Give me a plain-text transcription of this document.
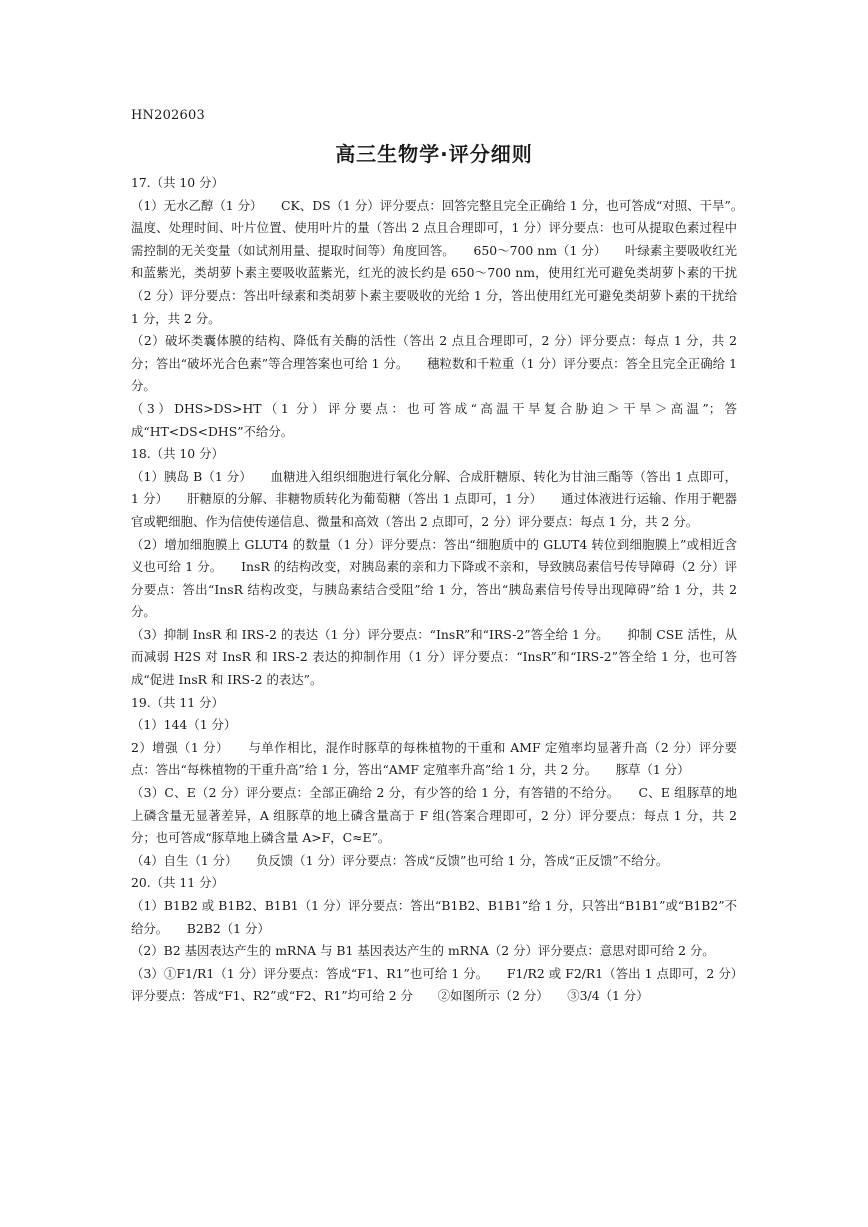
HN202603
高三生物学·评分细则

17.（共 10 分）

（1）无水乙醇（1 分）　　CK、DS（1 分）评分要点：回答完整且完全正确给 1 分，也可答成“对照、干旱”。　　温度、处理时间、叶片位置、使用叶片的量（答出 2 点且合理即可，1 分）评分要点：也可从提取色素过程中需控制的无关变量（如试剂用量、提取时间等）角度回答。　　650～700 nm（1 分）　　叶绿素主要吸收红光和蓝紫光，类胡萝卜素主要吸收蓝紫光，红光的波长约是 650～700 nm，使用红光可避免类胡萝卜素的干扰（2 分）评分要点：答出叶绿素和类胡萝卜素主要吸收的光给 1 分，答出使用红光可避免类胡萝卜素的干扰给 1 分，共 2 分。

（2）破坏类囊体膜的结构、降低有关酶的活性（答出 2 点且合理即可，2 分）评分要点：每点 1 分，共 2 分；答出“破坏光合色素”等合理答案也可给 1 分。　　穗粒数和千粒重（1 分）评分要点：答全且完全正确给 1 分。

（3）DHS>DS>HT（1 分）评分要点：也可答成“高温干旱复合胁迫＞干旱＞高温”；答成“HT<DS<DHS”不给分。

18.（共 10 分）

（1）胰岛 B（1 分）　　血糖进入组织细胞进行氧化分解、合成肝糖原、转化为甘油三酯等（答出 1 点即可，1 分）　　肝糖原的分解、非糖物质转化为葡萄糖（答出 1 点即可，1 分）　　通过体液进行运输、作用于靶器官或靶细胞、作为信使传递信息、微量和高效（答出 2 点即可，2 分）评分要点：每点 1 分，共 2 分。

（2）增加细胞膜上 GLUT4 的数量（1 分）评分要点：答出“细胞质中的 GLUT4 转位到细胞膜上”或相近含义也可给 1 分。　　InsR 的结构改变，对胰岛素的亲和力下降或不亲和，导致胰岛素信号传导障碍（2 分）评分要点：答出“InsR 结构改变，与胰岛素结合受阻”给 1 分，答出“胰岛素信号传导出现障碍”给 1 分，共 2 分。

（3）抑制 InsR 和 IRS-2 的表达（1 分）评分要点：“InsR”和“IRS-2”答全给 1 分。　　抑制 CSE 活性，从而减弱 H2S 对 InsR 和 IRS-2 表达的抑制作用（1 分）评分要点：“InsR”和“IRS-2”答全给 1 分，也可答成“促进 InsR 和 IRS-2 的表达”。

19.（共 11 分）

（1）144（1 分）

2）增强（1 分）　　与单作相比，混作时豚草的每株植物的干重和 AMF 定殖率均显著升高（2 分）评分要点：答出“每株植物的干重升高”给 1 分，答出“AMF 定殖率升高”给 1 分，共 2 分。　　豚草（1 分）

（3）C、E（2 分）评分要点：全部正确给 2 分，有少答的给 1 分，有答错的不给分。　　C、E 组豚草的地上磷含量无显著差异，A 组豚草的地上磷含量高于 F 组(答案合理即可，2 分）评分要点：每点 1 分，共 2 分；也可答成“豚草地上磷含量 A>F，C≈E”。

（4）自生（1 分）　　负反馈（1 分）评分要点：答成“反馈”也可给 1 分，答成“正反馈”不给分。

20.（共 11 分）

（1）B1B2 或 B1B2、B1B1（1 分）评分要点：答出“B1B2、B1B1”给 1 分，只答出“B1B1”或“B1B2”不给分。　　B2B2（1 分）

（2）B2 基因表达产生的 mRNA 与 B1 基因表达产生的 mRNA（2 分）评分要点：意思对即可给 2 分。

（3）①F1/R1（1 分）评分要点：答成“F1、R1”也可给 1 分。　　F1/R2 或 F2/R1（答出 1 点即可，2 分）评分要点：答成“F1、R2”或“F2、R1”均可给 2 分　　②如图所示（2 分）　　③3/4（1 分）
